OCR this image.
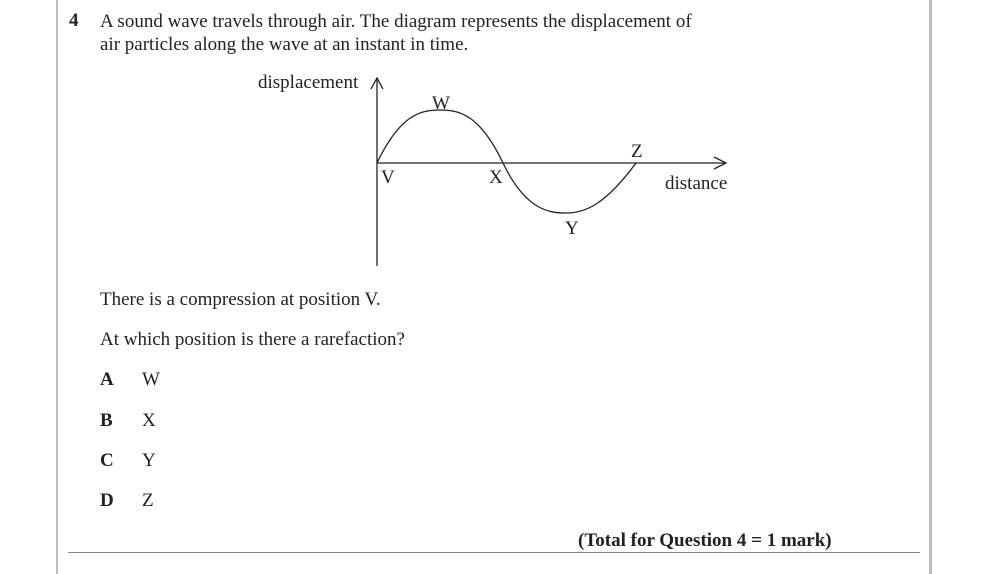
4 A sound wave travels through air. The diagram represents the displacement of
air particles along the wave at an instant in time.
displacement
distance
V
W
X
Y
Z
There is a compression at position V.
At which position is there a rarefaction?
A W
B X
C Y
D Z
(Total for Question 4 = 1 mark)
